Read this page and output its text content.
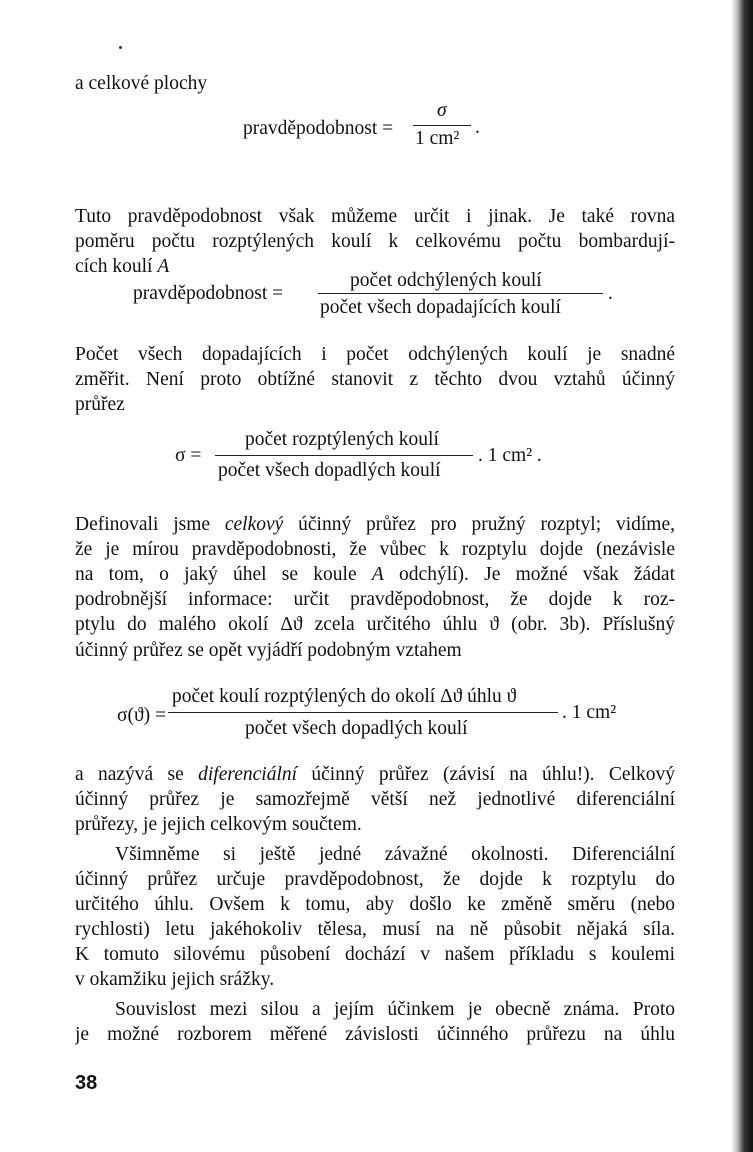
a celkové plochy
Tuto pravděpodobnost však můžeme určit i jinak. Je také rovna
poměru počtu rozptýlených koulí k celkovému počtu bombardují-
cích koulí A
Počet všech dopadajících i počet odchýlených koulí je snadné
změřit. Není proto obtížné stanovit z těchto dvou vztahů účinný
průřez
Definovali jsme celkový účinný průřez pro pružný rozptyl; vidíme,
že je mírou pravděpodobnosti, že vůbec k rozptylu dojde (nezávisle
na tom, o jaký úhel se koule A odchýlí). Je možné však žádat
podrobnější informace: určit pravděpodobnost, že dojde k roz-
ptylu do malého okolí Δϑ zcela určitého úhlu ϑ (obr. 3b). Příslušný
účinný průřez se opět vyjádří podobným vztahem
a nazývá se diferenciální účinný průřez (závisí na úhlu!). Celkový
účinný průřez je samozřejmě větší než jednotlivé diferenciální
průřezy, je jejich celkovým součtem.
Všimněme si ještě jedné závažné okolnosti. Diferenciální
účinný průřez určuje pravděpodobnost, že dojde k rozptylu do
určitého úhlu. Ovšem k tomu, aby došlo ke změně směru (nebo
rychlosti) letu jakéhokoliv tělesa, musí na ně působit nějaká síla.
K tomuto silovému působení dochází v našem příkladu s koulemi
v okamžiku jejich srážky.
Souvislost mezi silou a jejím účinkem je obecně známa. Proto
je možné rozborem měřené závislosti účinného průřezu na úhlu
pravděpodobnost =
σ
1 cm²
.
pravděpodobnost =
počet odchýlených koulí
počet všech dopadajících koulí
.
σ =
počet rozptýlených koulí
počet všech dopadlých koulí
. 1 cm² .
σ(ϑ) =
počet koulí rozptýlených do okolí Δϑ úhlu ϑ
počet všech dopadlých koulí
. 1 cm²
38
